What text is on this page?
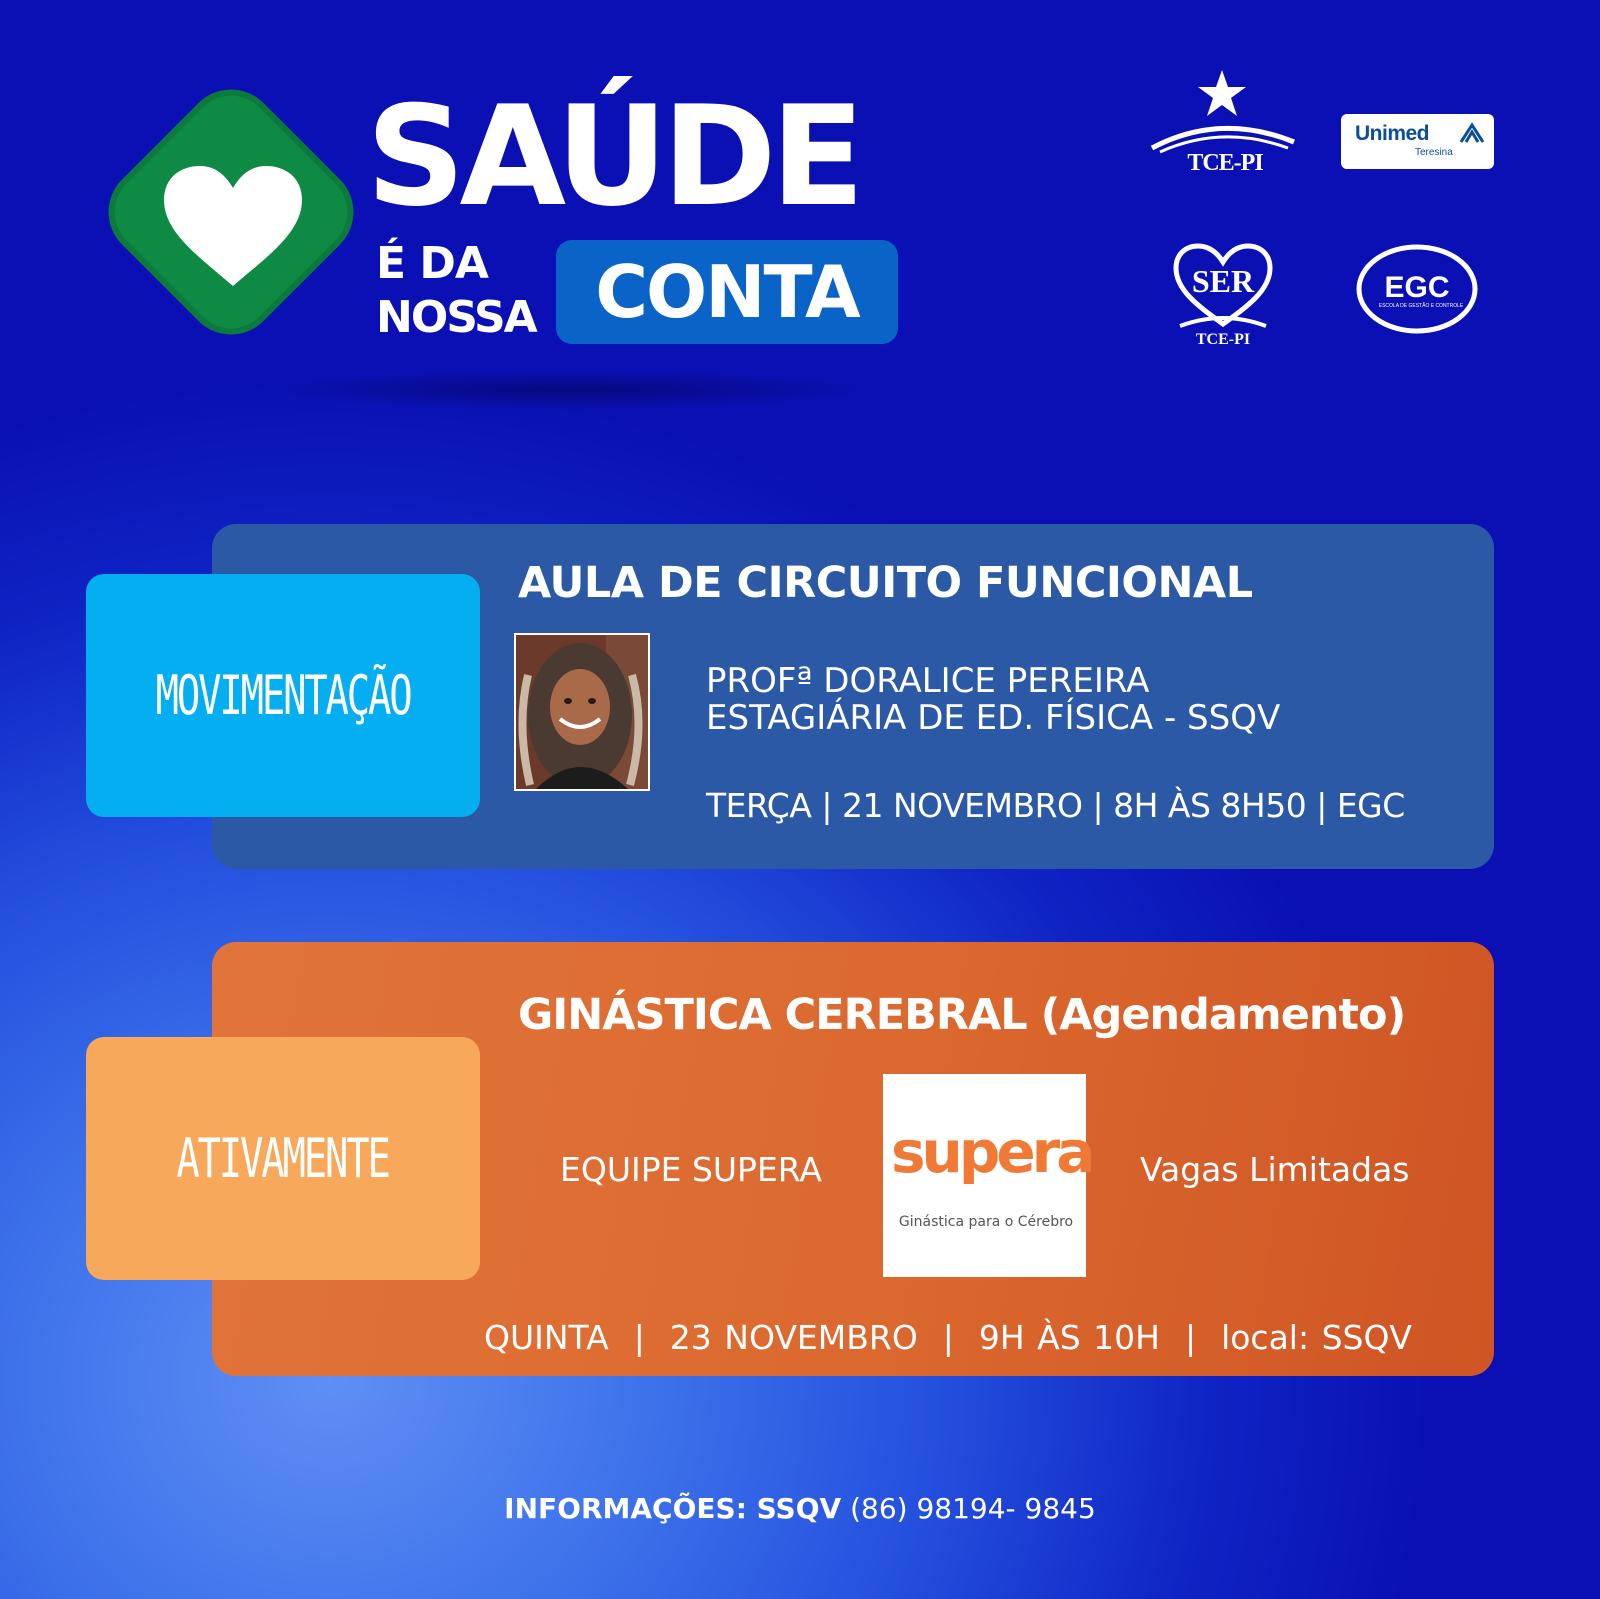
SAÚDE
É DA
NOSSA CONTA
TCE-PI
Unimed
Teresina
SER
TCE-PI
EGC
ESCOLA DE GESTÃO E CONTROLE
MOVIMENTAÇÃO
AULA DE CIRCUITO FUNCIONAL
PROFª DORALICE PEREIRA
ESTAGIÁRIA DE ED. FÍSICA - SSQV
TERÇA | 21 NOVEMBRO | 8H ÀS 8H50 | EGC
ATIVAMENTE
GINÁSTICA CEREBRAL (Agendamento)
EQUIPE SUPERA supera
Ginástica para o Cérebro
Vagas Limitadas
QUINTA  |  23 NOVEMBRO  |  9H ÀS 10H  |  local: SSQV
INFORMAÇÕES: SSQV (86) 98194- 9845
